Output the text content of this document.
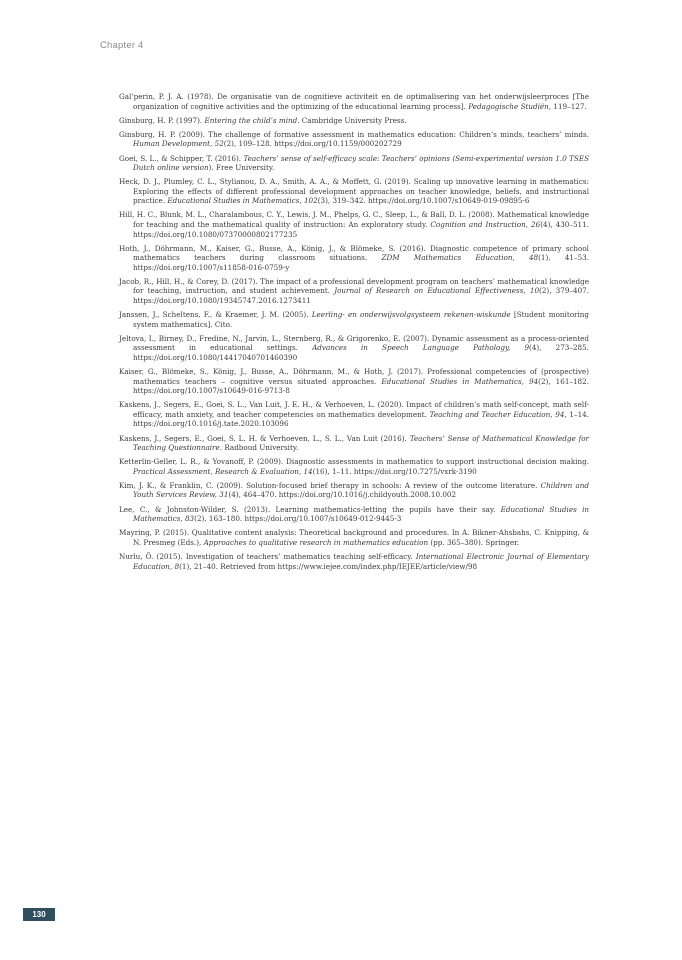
Chapter 4
Gal’perin, P. J. A. (1978). De organisatie van de cognitieve activiteit en de optimalisering van het onderwijsleerproces [The organization of cognitive activities and the optimizing of the educational learning process]. Pedagogische Studiën, 119–127.
Ginsburg, H. P. (1997). Entering the child’s mind. Cambridge University Press.
Ginsburg, H. P. (2009). The challenge of formative assessment in mathematics education: Children’s minds, teachers’ minds. Human Development, 52(2), 109–128. https://doi.org/10.1159/000202729
Goei, S. L., & Schipper, T. (2016). Teachers’ sense of self-efficacy scale: Teachers’ opinions (Semi-experimental version 1.0 TSES Dutch online version). Free University.
Heck, D. J., Plumley, C. L., Stylianou, D. A., Smith, A. A., & Moffett, G. (2019). Scaling up innovative learning in mathematics: Exploring the effects of different professional development approaches on teacher knowledge, beliefs, and instructional practice. Educational Studies in Mathematics, 102(3), 319–342. https://doi.org/10.1007/s10649-019-09895-6
Hill, H. C., Blunk, M. L., Charalambous, C. Y., Lewis, J. M., Phelps, G. C., Sleep, L., & Ball, D. L. (2008). Mathematical knowledge for teaching and the mathematical quality of instruction: An exploratory study. Cognition and Instruction, 26(4), 430–511. https://doi.org/10.1080/07370000802177235
Hoth, J., Döhrmann, M., Kaiser, G., Busse, A., König, J., & Blömeke, S. (2016). Diagnostic competence of primary school mathematics teachers during classroom situations. ZDM Mathematics Education, 48(1), 41–53. https://doi.org/10.1007/s11858-016-0759-y
Jacob, R., Hill, H., & Corey, D. (2017). The impact of a professional development program on teachers’ mathematical knowledge for teaching, instruction, and student achievement. Journal of Research on Educational Effectiveness, 10(2), 379–407. https://doi.org/10.1080/19345747.2016.1273411
Janssen, J., Scheltens, F., & Kraemer, J. M. (2005). Leerling- en onderwijsvolgsysteem rekenen-wiskunde [Student monitoring system mathematics]. Cito.
Jeltova, I., Birney, D., Fredine, N., Jarvin, L., Sternberg, R., & Grigorenko, E. (2007). Dynamic assessment as a process-oriented assessment in educational settings. Advances in Speech Language Pathology, 9(4), 273–285. https://doi.org/10.1080/14417040701460390
Kaiser, G., Blömeke, S., König, J., Busse, A., Döhrmann, M., & Hoth, J. (2017). Professional competencies of (prospective) mathematics teachers – cognitive versus situated approaches. Educational Studies in Mathematics, 94(2), 161–182. https://doi.org/10.1007/s10649-016-9713-8
Kaskens, J., Segers, E., Goei, S. L., Van Luit, J. E. H., & Verhoeven, L. (2020). Impact of children’s math self-concept, math self-efficacy, math anxiety, and teacher competencies on mathematics development. Teaching and Teacher Education, 94, 1–14. https://doi.org/10.1016/j.tate.2020.103096
Kaskens, J., Segers, E., Goei, S. L. H. & Verhoeven, L., S. L., Van Luit (2016). Teachers’ Sense of Mathematical Knowledge for Teaching Questionnaire. Radboud University.
Ketterlin-Geller, L. R., & Yovanoff, P. (2009). Diagnostic assessments in mathematics to support instructional decision making. Practical Assessment, Research & Evaluation, 14(16), 1–11. https://doi.org/10.7275/vxrk-3190
Kim, J. K., & Franklin, C. (2009). Solution-focused brief therapy in schools: A review of the outcome literature. Children and Youth Services Review, 31(4), 464–470. https://doi.org/10.1016/j.childyouth.2008.10.002
Lee, C., & Johnston-Wilder, S. (2013). Learning mathematics-letting the pupils have their say. Educational Studies in Mathematics, 83(2), 163–180. https://doi.org/10.1007/s10649-012-9445-3
Mayring, P. (2015). Qualitative content analysis: Theoretical background and procedures. In A. Bikner-Ahsbahs, C. Knipping, & N. Presmeg (Eds.), Approaches to qualitative research in mathematics education (pp. 365–380). Springer.
Nurlu, Ö. (2015). Investigation of teachers’ mathematics teaching self-efficacy. International Electronic Journal of Elementary Education, 8(1), 21–40. Retrieved from https://www.iejee.com/index.php/IEJEE/article/view/98
130
